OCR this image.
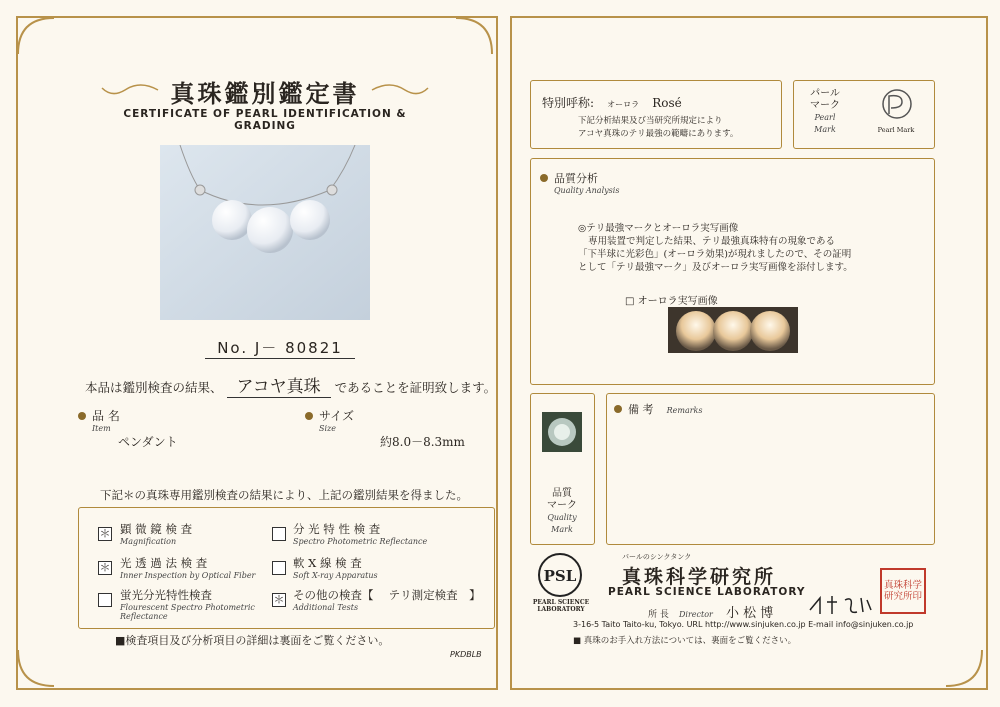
真珠鑑別鑑定書
CERTIFICATE OF PEARL IDENTIFICATION & GRADING
No. J－ 80821
本品は鑑別検査の結果、 アコヤ真珠 であることを証明致します。
品 名
Item
ペンダント
サイズ
Size
約8.0－8.3mm
下記＊の真珠専用鑑別検査の結果により、上記の鑑別結果を得ました。
＊ 顕 微 鏡 検 査
Magnification
＊ 光 透 過 法 検 査
Inner Inspection by Optical Fiber
蛍光分光特性検査
Flourescent Spectro Photometric Reflectance
分 光 特 性 検 査
Spectro Photometric Reflectance
軟 X 線 検 査
Soft X-ray Apparatus
＊ その他の検査【　 テリ測定検査　】
Additional Tests
■検査項目及び分析項目の詳細は裏面をご覧ください。
PKDBLB
特別呼称: オーロラ Rosé
下記分析結果及び当研究所規定により
アコヤ真珠のテリ最強の範疇にあります。
パール
マーク
Pearl
Mark	Pearl Mark
品質分析
Quality Analysis
◎テリ最強マークとオーロラ実写画像
専用装置で判定した結果、テリ最強真珠特有の現象である
「下半球に光彩色」(オーロラ効果)が現れましたので、その証明
として「テリ最強マーク」及びオーロラ実写画像を添付します。
□ オーロラ実写画像
品質
マーク
Quality
Mark
備 考 Remarks
PSL
PEARL SCIENCE
LABORATORY
パールのシンクタンク
真珠科学研究所
PEARL SCIENCE LABORATORY
所 長 Director 小 松 博
真珠科学研究所印
3-16-5 Taito Taito-ku, Tokyo. URL http://www.sinjuken.co.jp E-mail info@sinjuken.co.jp
■ 真珠のお手入れ方法については、裏面をご覧ください。
